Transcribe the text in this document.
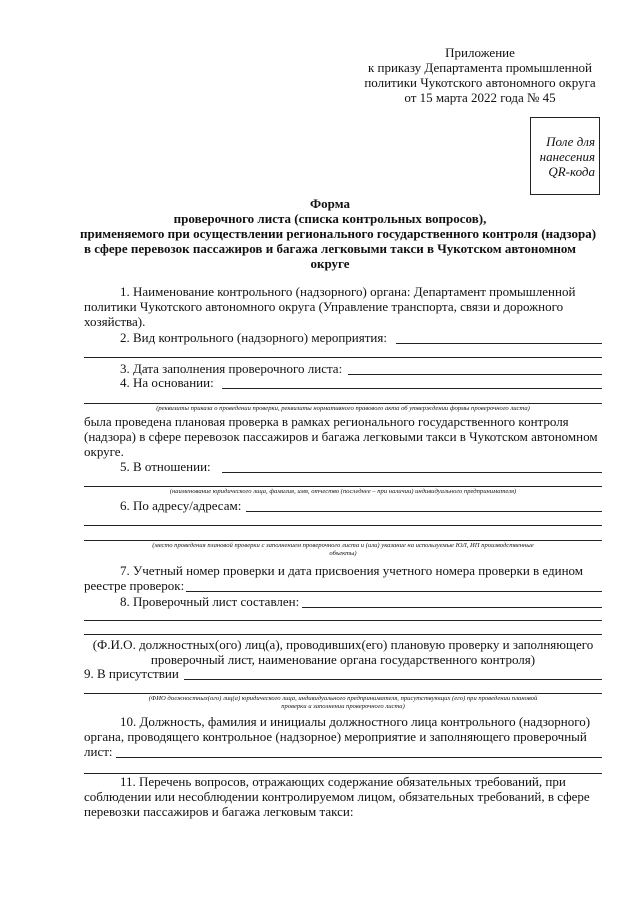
Приложение
к приказу Департамента промышленной
политики Чукотского автономного округа
от 15 марта 2022 года № 45
Поле для
нанесения
QR-кода
Форма
проверочного листа (списка контрольных вопросов),
применяемого при осуществлении регионального государственного контроля (надзора)
в сфере перевозок пассажиров и багажа легковыми такси в Чукотском автономном
округе
1. Наименование контрольного (надзорного) органа: Департамент промышленной
политики Чукотского автономного округа (Управление транспорта, связи и дорожного
хозяйства).
2. Вид контрольного (надзорного) мероприятия:
3. Дата заполнения проверочного листа:
4. На основании:
(реквизиты приказа о проведении проверки, реквизиты нормативного правового акта об утверждении формы проверочного листа)
была проведена плановая проверка в рамках регионального государственного контроля
(надзора) в сфере перевозок пассажиров и багажа легковыми такси в Чукотском автономном
округе.
5. В отношении:
(наименование юридического лица, фамилия, имя, отчество (последнее – при наличии) индивидуального предпринимателя)
6. По адресу/адресам:
(место проведения плановой проверки с заполнением проверочного листа и (или) указание на используемые ЮЛ, ИП производственные
объекты)
7. Учетный номер проверки и дата присвоения учетного номера проверки в едином
реестре проверок:
8. Проверочный лист составлен:
(Ф.И.О. должностных(ого) лиц(а), проводивших(его) плановую проверку и заполняющего
проверочный лист, наименование органа государственного контроля)
9. В присутствии
(ФИО должностных(ого) лиц(а) юридического лица, индивидуального предпринимателя, присутствующих (его) при проведении плановой
проверки и заполнении проверочного листа)
10. Должность, фамилия и инициалы должностного лица контрольного (надзорного)
органа, проводящего контрольное (надзорное) мероприятие и заполняющего проверочный
лист:
11. Перечень вопросов, отражающих содержание обязательных требований, при
соблюдении или несоблюдении контролируемом лицом, обязательных требований, в сфере
перевозки пассажиров и багажа легковым такси:
